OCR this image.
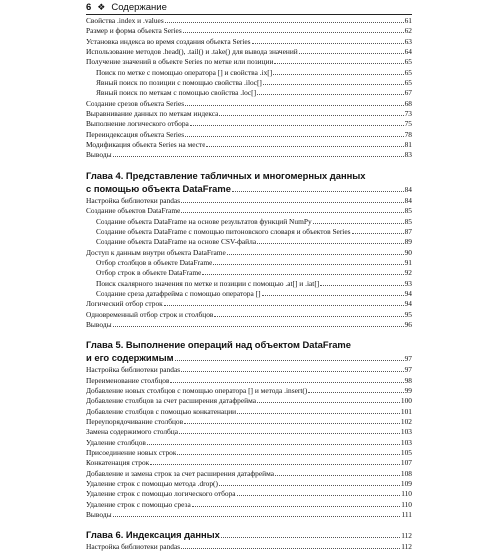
6 ❖ Содержание
Свойства .index и .values	61
Размер и форма объекта Series	62
Установка индекса во время создания объекта Series	63
Использование методов .head(), .tail() и .take() для вывода значений	64
Получение значений в объекте Series по метке или позиции	65
Поиск по метке с помощью оператора [] и свойства .ix[]	65
Явный поиск по позиции с помощью свойства .iloc[]	65
Явный поиск по меткам с помощью свойства .loc[]	67
Создание срезов объекта Series	68
Выравнивание данных по меткам индекса	73
Выполнение логического отбора	75
Переиндексация объекта Series	78
Модификация объекта Series на месте	81
Выводы	83
Глава 4. Представление табличных и многомерных данных
с помощью объекта DataFrame	84
Настройка библиотеки pandas	84
Создание объектов DataFrame	85
Создание объекта DataFrame на основе результатов функций NumPy	85
Создание объекта DataFrame с помощью питоновского словаря и объектов Series	87
Создание объекта DataFrame на основе CSV-файла	89
Доступ к данным внутри объекта DataFrame	90
Отбор столбцов в объекте DataFrame	91
Отбор строк в объекте DataFrame	92
Поиск скалярного значения по метке и позиции с помощью .at[] и .iat[]	93
Создание среза датафрейма с помощью оператора []	94
Логический отбор строк	94
Одновременный отбор строк и столбцов	95
Выводы	96
Глава 5. Выполнение операций над объектом DataFrame
и его содержимым	97
Настройка библиотеки pandas	97
Переименование столбцов	98
Добавление новых столбцов с помощью оператора [] и метода .insert()	99
Добавление столбцов за счет расширения датафрейма	100
Добавление столбцов с помощью конкатенации	101
Переупорядочивание столбцов	102
Замена содержимого столбца	103
Удаление столбцов	103
Присоединение новых строк	105
Конкатенация строк	107
Добавление и замена строк за счет расширения датафрейма	108
Удаление строк с помощью метода .drop()	109
Удаление строк с помощью логического отбора	110
Удаление строк с помощью среза	110
Выводы	111
Глава 6. Индексация данных	112
Настройка библиотеки pandas	112
